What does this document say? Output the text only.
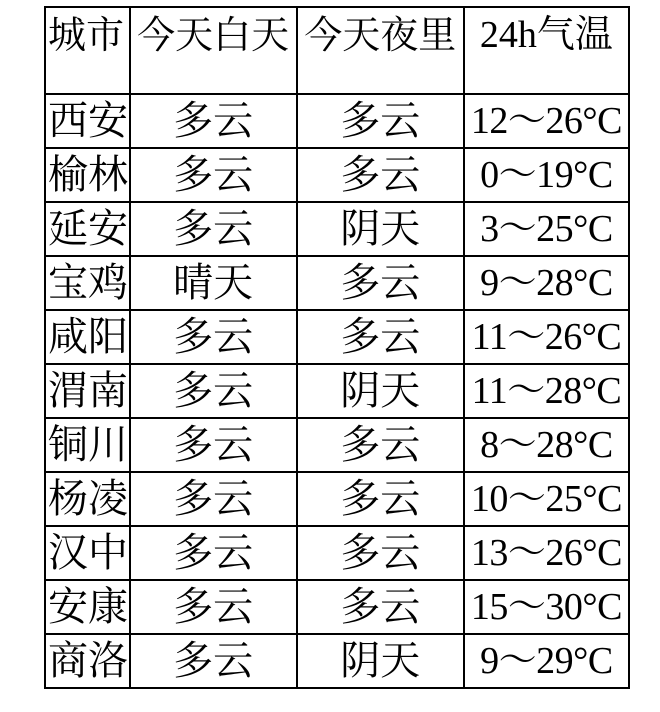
城市	今天白天	今天夜里	24h气温

西安	多云	多云	12～26°C

榆林	多云	多云	0～19°C

延安	多云	阴天	3～25°C

宝鸡	晴天	多云	9～28°C

咸阳	多云	多云	11～26°C

渭南	多云	阴天	11～28°C

铜川	多云	多云	8～28°C

杨凌	多云	多云	10～25°C

汉中	多云	多云	13～26°C

安康	多云	多云	15～30°C

商洛	多云	阴天	9～29°C
